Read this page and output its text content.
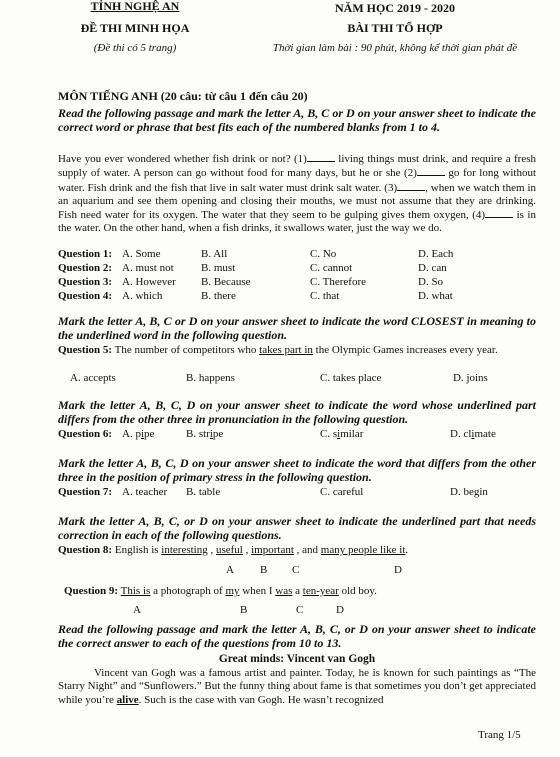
TỈNH NGHỆ AN
ĐỀ THI MINH HỌA
(Đề thi có 5 trang)
NĂM HỌC 2019 - 2020
BÀI THI TỔ HỢP
Thời gian làm bài : 90 phút, không kể thời gian phát đề
MÔN TIẾNG ANH (20 câu: từ câu 1 đến câu 20)
Read the following passage and mark the letter A, B, C or D on your answer sheet to indicate the correct word or phrase that best fits each of the numbered blanks from 1 to 4.
Have you ever wondered whether fish drink or not? (1)	living things must drink, and require a fresh supply of water. A person can go without food for many days, but he or she (2)	go for long without water. Fish drink and the fish that live in salt water must drink salt water. (3)	, when we watch them in an aquarium and see them opening and closing their mouths, we must not assume that they are drinking. Fish need water for its oxygen. The water that they seem to be gulping gives them oxygen, (4)	is in the water. On the other hand, when a fish drinks, it swallows water, just the way we do.
Question 1: A. Some	B. All	C. No	D. Each
Question 2: A. must not B. must	C. cannot	D. can
Question 3: A. However B. Because	C. Therefore	D. So
Question 4: A. which	B. there	C. that	D. what
Mark the letter A, B, C or D on your answer sheet to indicate the word CLOSEST in meaning to the underlined word in the following question.
Question 5: The number of competitors who takes part in the Olympic Games increases every year.
A. accepts	B. happens	C. takes place	D. joins
Mark the letter A, B, C, D on your answer sheet to indicate the word whose underlined part differs from the other three in pronunciation in the following question.
Question 6: A. pipe	B. stripe	C. similar	D. climate
Mark the letter A, B, C, D on your answer sheet to indicate the word that differs from the other three in the position of primary stress in the following question.
Question 7: A. teacher B. table	C. careful	D. begin
Mark the letter A, B, C, or D on your answer sheet to indicate the underlined part that needs correction in each of the following questions.
Question 8: English is interesting , useful , important , and many people like it.
A B C	D
Question 9: This is a photograph of my when I was a ten-year old boy.
A	B	C	D
Read the following passage and mark the letter A, B, C, or D on your answer sheet to indicate the correct answer to each of the questions from 10 to 13.
Great minds: Vincent van Gogh
Vincent van Gogh was a famous artist and painter. Today, he is known for such paintings as “The Starry Night” and “Sunflowers.” But the funny thing about fame is that sometimes you don’t get appreciated while you’re alive. Such is the case with van Gogh. He wasn’t recognized
Trang 1/5
